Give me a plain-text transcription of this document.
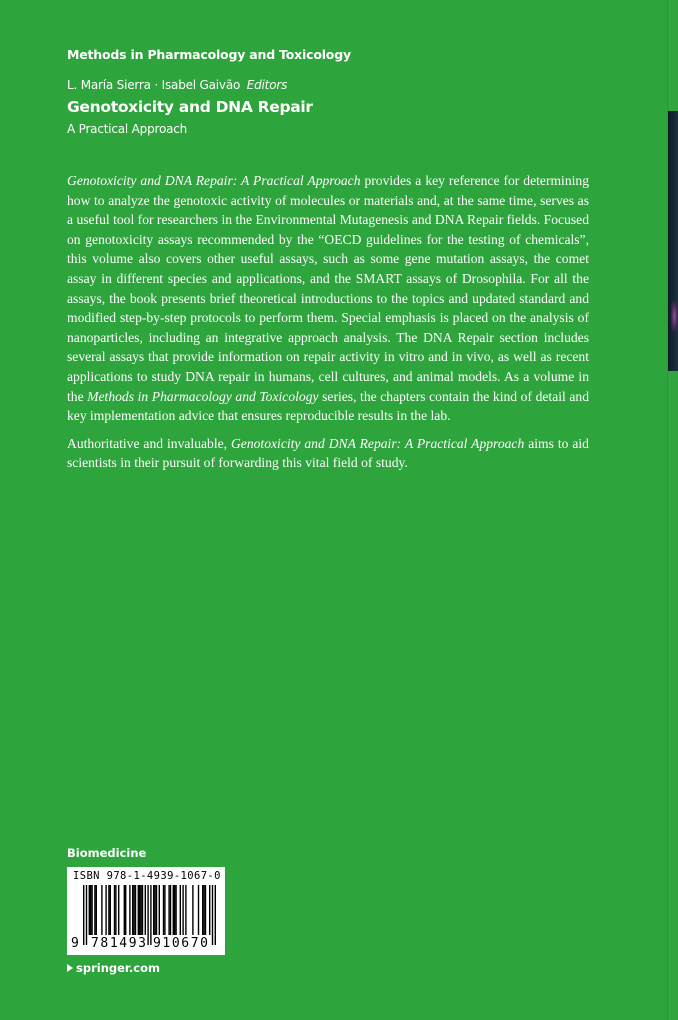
Methods in Pharmacology and Toxicology
L. María Sierra · Isabel Gaivão Editors
Genotoxicity and DNA Repair
A Practical Approach

Genotoxicity and DNA Repair: A Practical Approach provides a key reference for determining how to analyze the genotoxic activity of molecules or materials and, at the same time, serves as a useful tool for researchers in the Environmental Mutagenesis and DNA Repair fields. Focused on genotoxicity assays recommended by the “OECD guidelines for the testing of chemicals”, this volume also covers other useful assays, such as some gene mutation assays, the comet assay in different species and applications, and the SMART assays of Drosophila. For all the assays, the book presents brief theoretical introductions to the topics and updated standard and modified step-by-step protocols to perform them. Special emphasis is placed on the analysis of nanoparticles, including an integrative approach analysis. The DNA Repair section includes several assays that provide information on repair activity in vitro and in vivo, as well as recent applications to study DNA repair in humans, cell cultures, and animal models. As a volume in the Methods in Pharmacology and Toxicology series, the chapters contain the kind of detail and key implementation advice that ensures reproducible results in the lab.

Authoritative and invaluable, Genotoxicity and DNA Repair: A Practical Approach aims to aid scientists in their pursuit of forwarding this vital field of study.

Biomedicine
ISBN 978-1-4939-1067-0
9 781493 910670
springer.com
